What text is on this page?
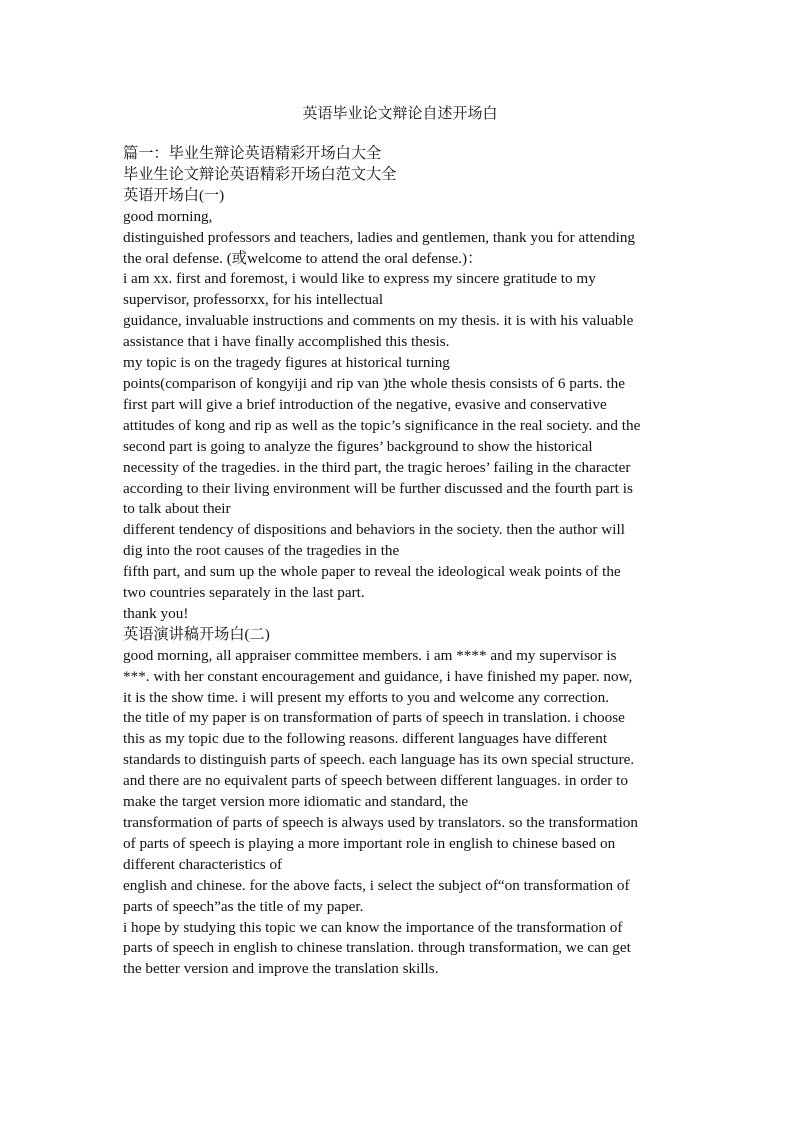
英语毕业论文辩论自述开场白
篇一：毕业生辩论英语精彩开场白大全
毕业生论文辩论英语精彩开场白范文大全
英语开场白(一)
good morning,
distinguished professors and teachers, ladies and gentlemen, thank you for attending
the oral defense. (或welcome to attend the oral defense.)：
i am xx. first and foremost, i would like to express my sincere gratitude to my
supervisor, professorxx, for his intellectual
guidance, invaluable instructions and comments on my thesis. it is with his valuable
assistance that i have finally accomplished this thesis.
my topic is on the tragedy figures at historical turning
points(comparison of kongyiji and rip van )the whole thesis consists of 6 parts. the
first part will give a brief introduction of the negative, evasive and conservative
attitudes of kong and rip as well as the topic’s significance in the real society. and the
second part is going to analyze the figures’ background to show the historical
necessity of the tragedies. in the third part, the tragic heroes’ failing in the character
according to their living environment will be further discussed and the fourth part is
to talk about their
different tendency of dispositions and behaviors in the society. then the author will
dig into the root causes of the tragedies in the
fifth part, and sum up the whole paper to reveal the ideological weak points of the
two countries separately in the last part.
thank you!
英语演讲稿开场白(二)
good morning, all appraiser committee members. i am **** and my supervisor is
***. with her constant encouragement and guidance, i have finished my paper. now,
it is the show time. i will present my efforts to you and welcome any correction.
the title of my paper is on transformation of parts of speech in translation. i choose
this as my topic due to the following reasons. different languages have different
standards to distinguish parts of speech. each language has its own special structure.
and there are no equivalent parts of speech between different languages. in order to
make the target version more idiomatic and standard, the
transformation of parts of speech is always used by translators. so the transformation
of parts of speech is playing a more important role in english to chinese based on
different characteristics of
english and chinese. for the above facts, i select the subject of“on transformation of
parts of speech”as the title of my paper.
i hope by studying this topic we can know the importance of the transformation of
parts of speech in english to chinese translation. through transformation, we can get
the better version and improve the translation skills.
